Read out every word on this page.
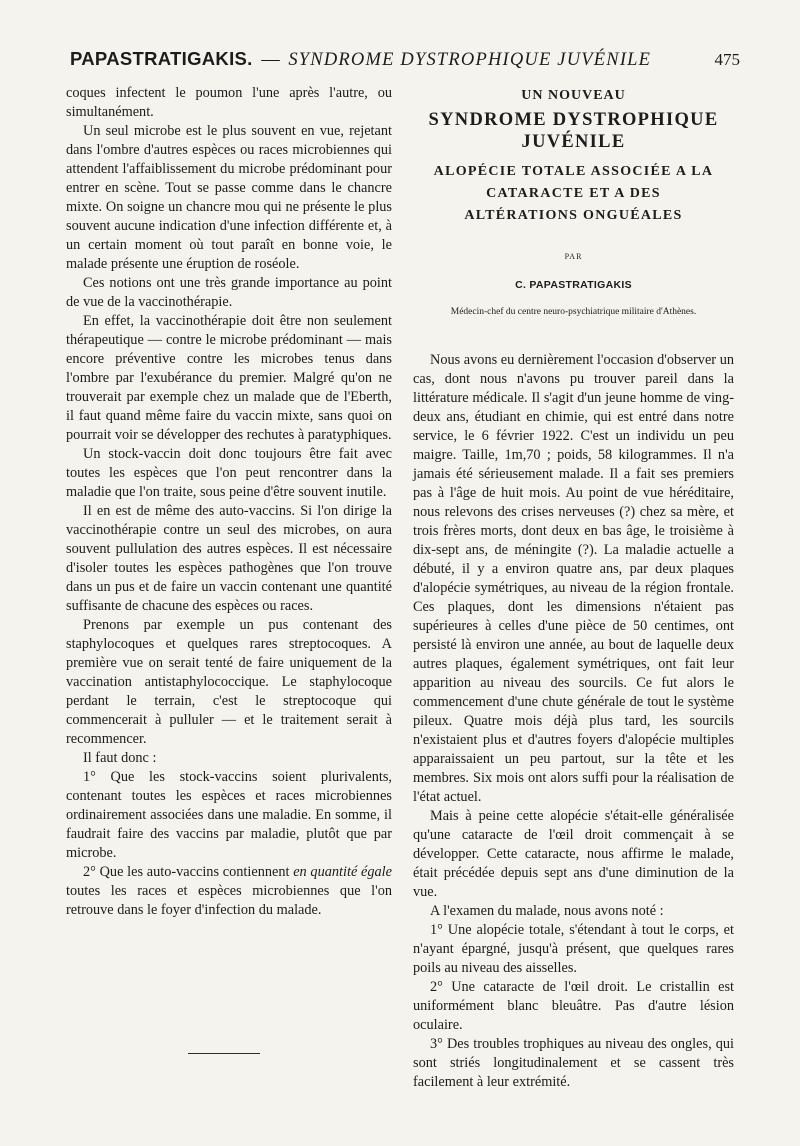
PAPASTRATIGAKIS. — SYNDROME DYSTROPHIQUE JUVÉNILE	475

coques infectent le poumon l'une après l'autre, ou simultanément.

Un seul microbe est le plus souvent en vue, rejetant dans l'ombre d'autres espèces ou races microbiennes qui attendent l'affaiblissement du microbe prédominant pour entrer en scène. Tout se passe comme dans le chancre mixte. On soigne un chancre mou qui ne présente le plus souvent aucune indication d'une infection différente et, à un certain moment où tout paraît en bonne voie, le malade présente une éruption de roséole.

Ces notions ont une très grande importance au point de vue de la vaccinothérapie.

En effet, la vaccinothérapie doit être non seulement thérapeutique — contre le microbe prédominant — mais encore préventive contre les microbes tenus dans l'ombre par l'exubérance du premier. Malgré qu'on ne trouverait par exemple chez un malade que de l'Eberth, il faut quand même faire du vaccin mixte, sans quoi on pourrait voir se développer des rechutes à paratyphiques.

Un stock-vaccin doit donc toujours être fait avec toutes les espèces que l'on peut rencontrer dans la maladie que l'on traite, sous peine d'être souvent inutile.

Il en est de même des auto-vaccins. Si l'on dirige la vaccinothérapie contre un seul des microbes, on aura souvent pullulation des autres espèces. Il est nécessaire d'isoler toutes les espèces pathogènes que l'on trouve dans un pus et de faire un vaccin contenant une quantité suffisante de chacune des espèces ou races.

Prenons par exemple un pus contenant des staphylocoques et quelques rares streptocoques. A première vue on serait tenté de faire uniquement de la vaccination antistaphylococcique. Le staphylocoque perdant le terrain, c'est le streptocoque qui commencerait à pulluler — et le traitement serait à recommencer.

Il faut donc :

1° Que les stock-vaccins soient plurivalents, contenant toutes les espèces et races microbiennes ordinairement associées dans une maladie. En somme, il faudrait faire des vaccins par maladie, plutôt que par microbe.

2° Que les auto-vaccins contiennent en quantité égale toutes les races et espèces microbiennes que l'on retrouve dans le foyer d'infection du malade.

UN NOUVEAU
SYNDROME DYSTROPHIQUE
JUVÉNILE
ALOPÉCIE TOTALE ASSOCIÉE A LA
CATARACTE ET A DES
ALTÉRATIONS ONGUÉALES
PAR
C. PAPASTRATIGAKIS
Médecin-chef du centre neuro-psychiatrique militaire d'Athènes.

Nous avons eu dernièrement l'occasion d'observer un cas, dont nous n'avons pu trouver pareil dans la littérature médicale. Il s'agit d'un jeune homme de ving-deux ans, étudiant en chimie, qui est entré dans notre service, le 6 février 1922. C'est un individu un peu maigre. Taille, 1m,70 ; poids, 58 kilogrammes. Il n'a jamais été sérieusement malade. Il a fait ses premiers pas à l'âge de huit mois. Au point de vue héréditaire, nous relevons des crises nerveuses (?) chez sa mère, et trois frères morts, dont deux en bas âge, le troisième à dix-sept ans, de méningite (?). La maladie actuelle a débuté, il y a environ quatre ans, par deux plaques d'alopécie symétriques, au niveau de la région frontale. Ces plaques, dont les dimensions n'étaient pas supérieures à celles d'une pièce de 50 centimes, ont persisté là environ une année, au bout de laquelle deux autres plaques, également symétriques, ont fait leur apparition au niveau des sourcils. Ce fut alors le commencement d'une chute générale de tout le système pileux. Quatre mois déjà plus tard, les sourcils n'existaient plus et d'autres foyers d'alopécie multiples apparaissaient un peu partout, sur la tête et les membres. Six mois ont alors suffi pour la réalisation de l'état actuel.

Mais à peine cette alopécie s'était-elle généralisée qu'une cataracte de l'œil droit commençait à se développer. Cette cataracte, nous affirme le malade, était précédée depuis sept ans d'une diminution de la vue.

A l'examen du malade, nous avons noté :

1° Une alopécie totale, s'étendant à tout le corps, et n'ayant épargné, jusqu'à présent, que quelques rares poils au niveau des aisselles.

2° Une cataracte de l'œil droit. Le cristallin est uniformément blanc bleuâtre. Pas d'autre lésion oculaire.

3° Des troubles trophiques au niveau des ongles, qui sont striés longitudinalement et se cassent très facilement à leur extrémité.
